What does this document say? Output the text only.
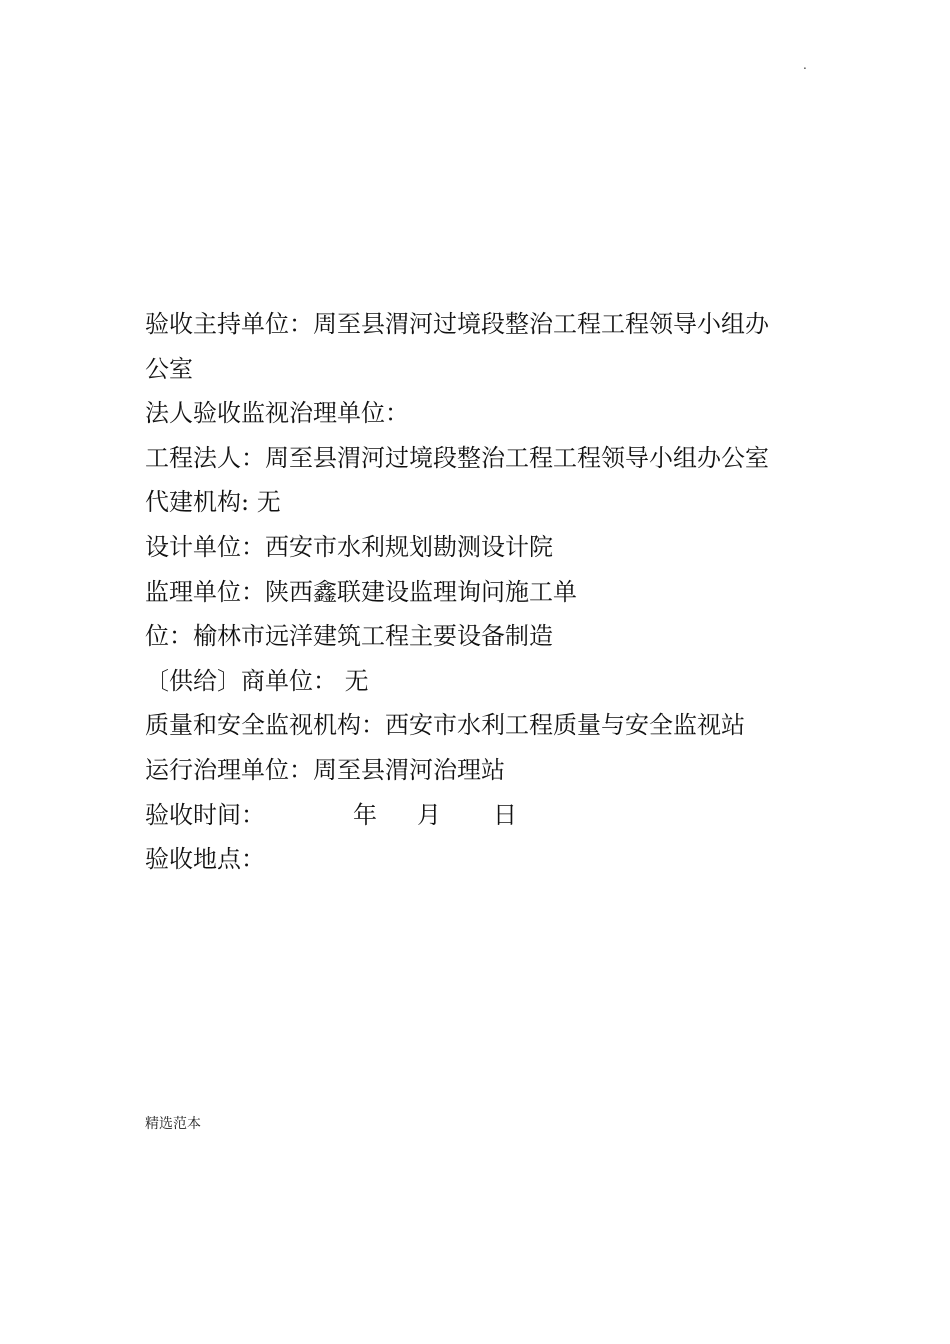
.
验收主持单位：周至县渭河过境段整治工程工程领导小组办
公室
法人验收监视治理单位：
工程法人：周至县渭河过境段整治工程工程领导小组办公室
代建机构: 无
设计单位：西安市水利规划勘测设计院
监理单位：陕西鑫联建设监理询问施工单
位：榆林市远洋建筑工程主要设备制造
〔供给〕商单位： 无
质量和安全监视机构：西安市水利工程质量与安全监视站
运行治理单位：周至县渭河治理站
验收时间：	年 月 日
验收地点：
精选范本
